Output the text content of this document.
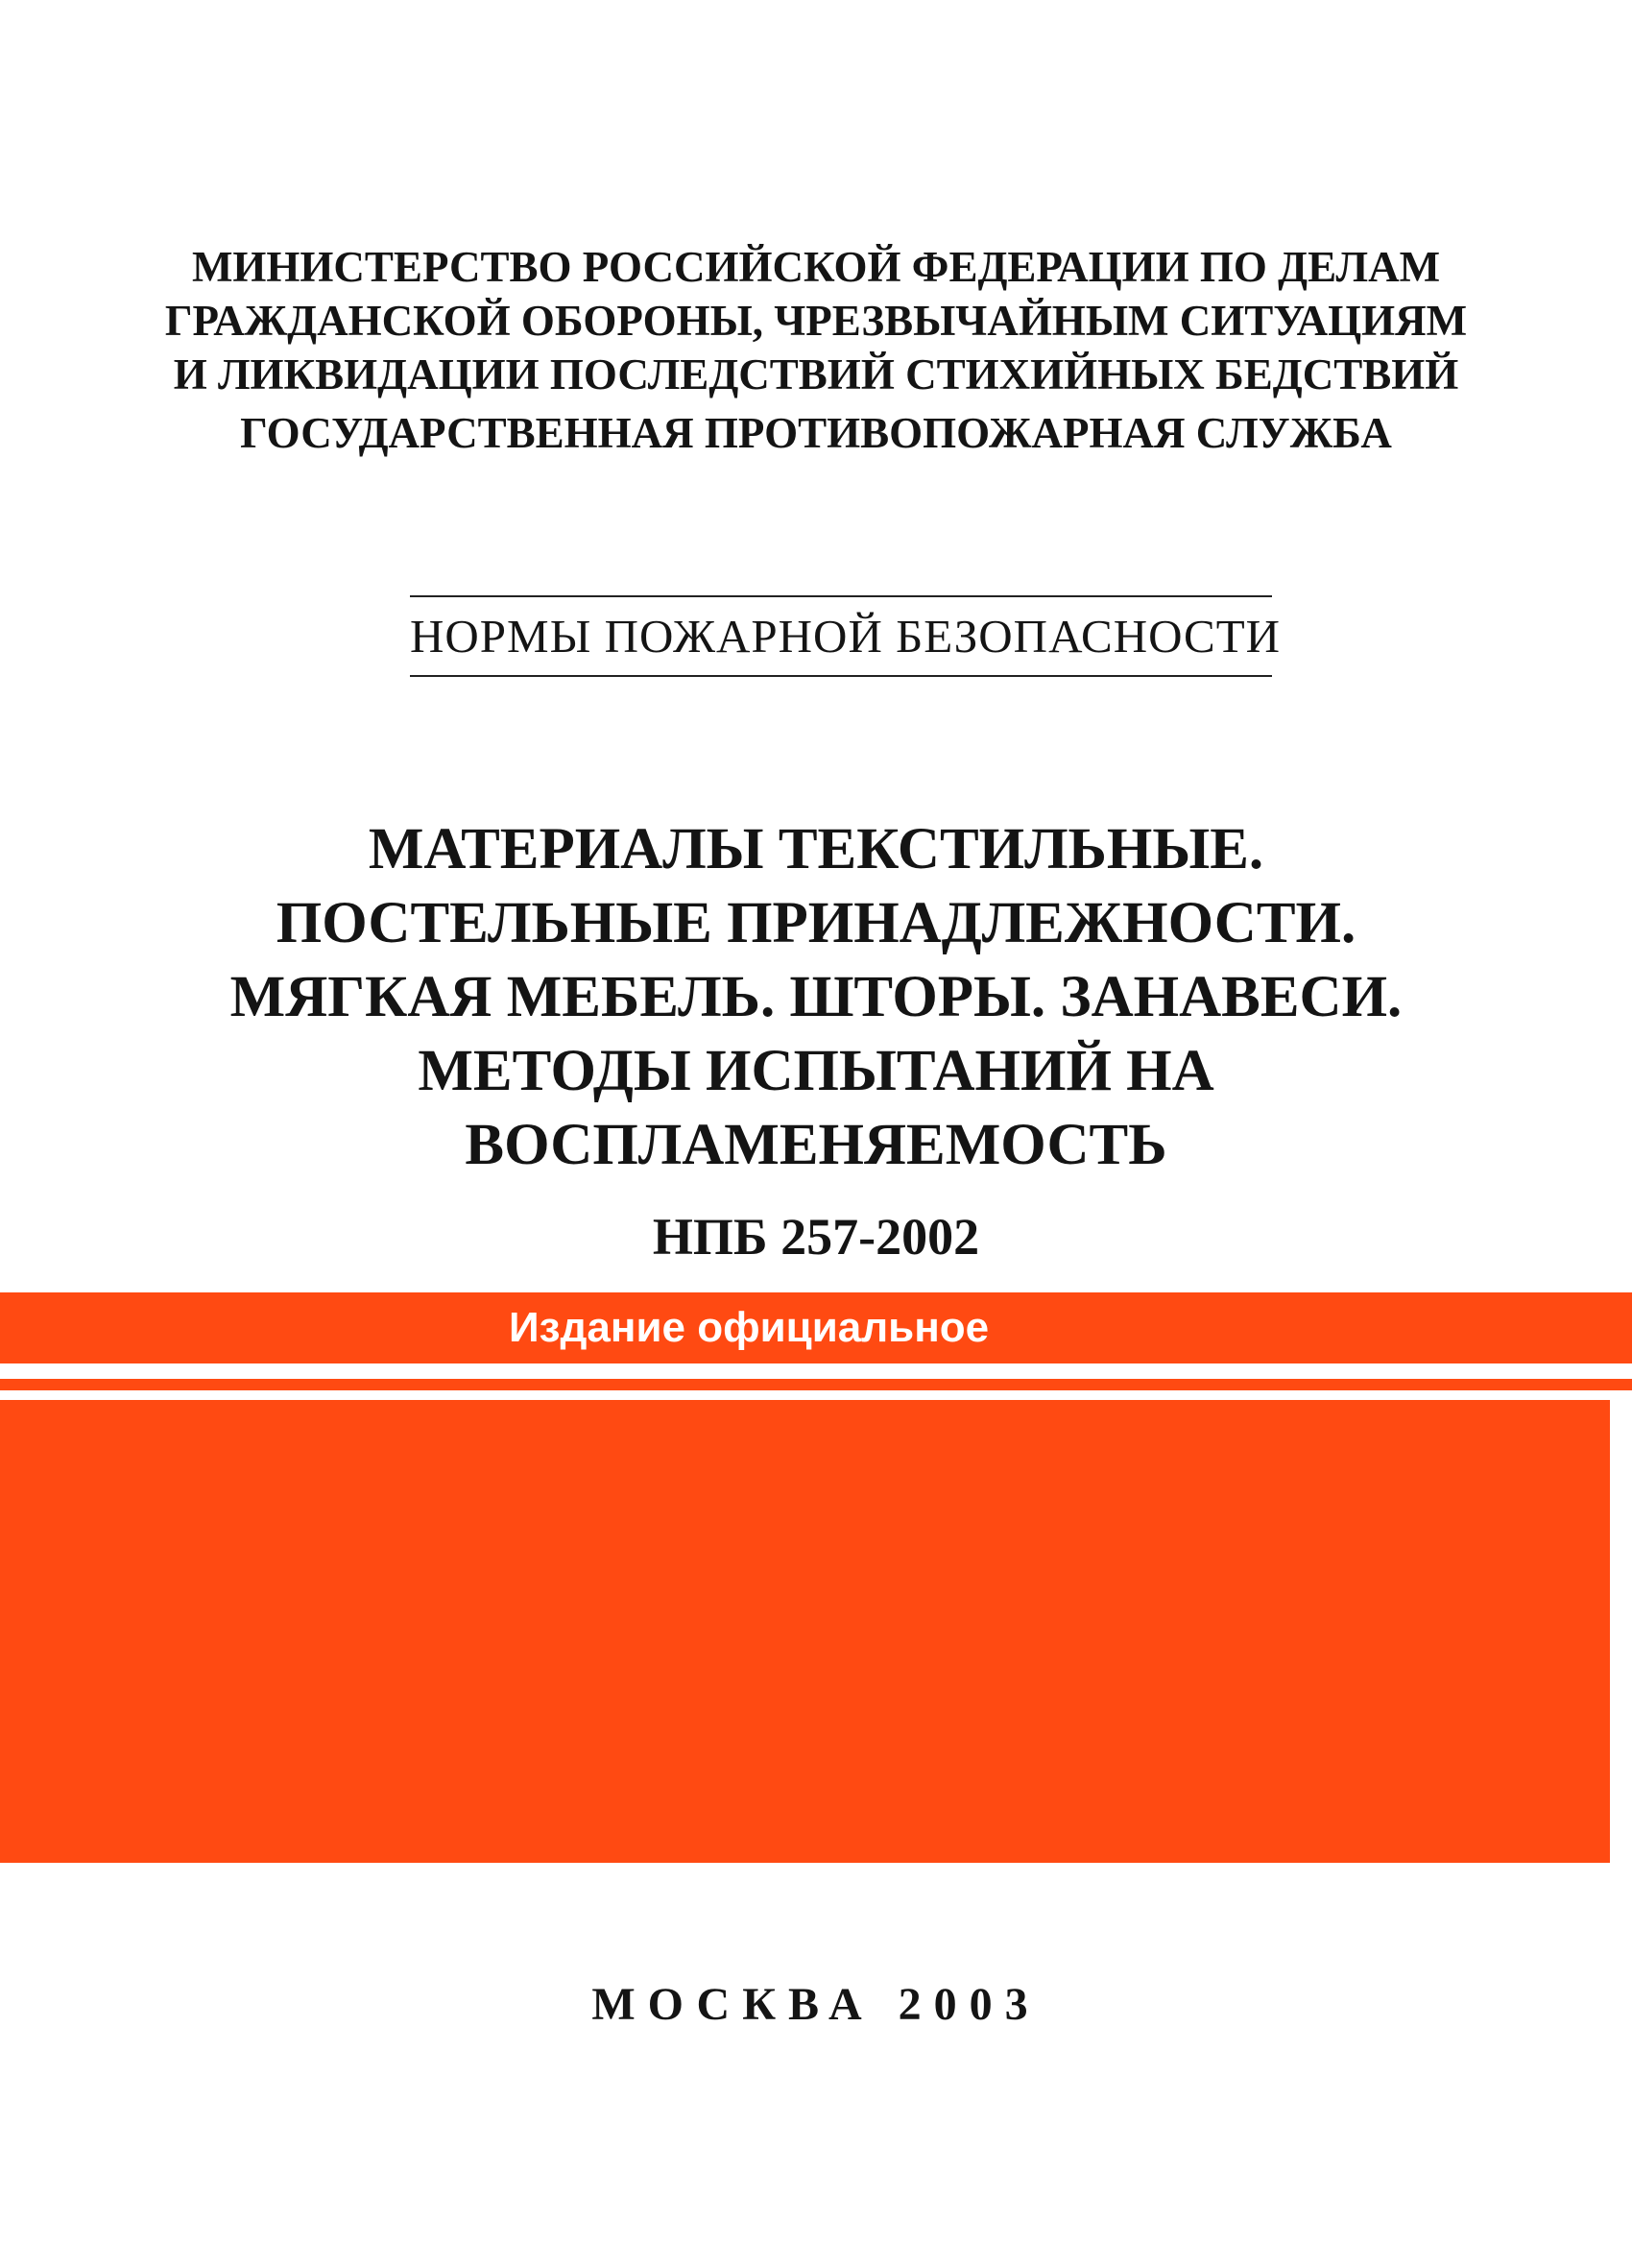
МИНИСТЕРСТВО РОССИЙСКОЙ ФЕДЕРАЦИИ ПО ДЕЛАМ
ГРАЖДАНСКОЙ ОБОРОНЫ, ЧРЕЗВЫЧАЙНЫМ СИТУАЦИЯМ
И ЛИКВИДАЦИИ ПОСЛЕДСТВИЙ СТИХИЙНЫХ БЕДСТВИЙ
ГОСУДАРСТВЕННАЯ ПРОТИВОПОЖАРНАЯ СЛУЖБА
НОРМЫ ПОЖАРНОЙ БЕЗОПАСНОСТИ
МАТЕРИАЛЫ ТЕКСТИЛЬНЫЕ.
ПОСТЕЛЬНЫЕ ПРИНАДЛЕЖНОСТИ.
МЯГКАЯ МЕБЕЛЬ. ШТОРЫ. ЗАНАВЕСИ.
МЕТОДЫ ИСПЫТАНИЙ НА
ВОСПЛАМЕНЯЕМОСТЬ
НПБ 257-2002
Издание официальное
МОСКВА 2003
